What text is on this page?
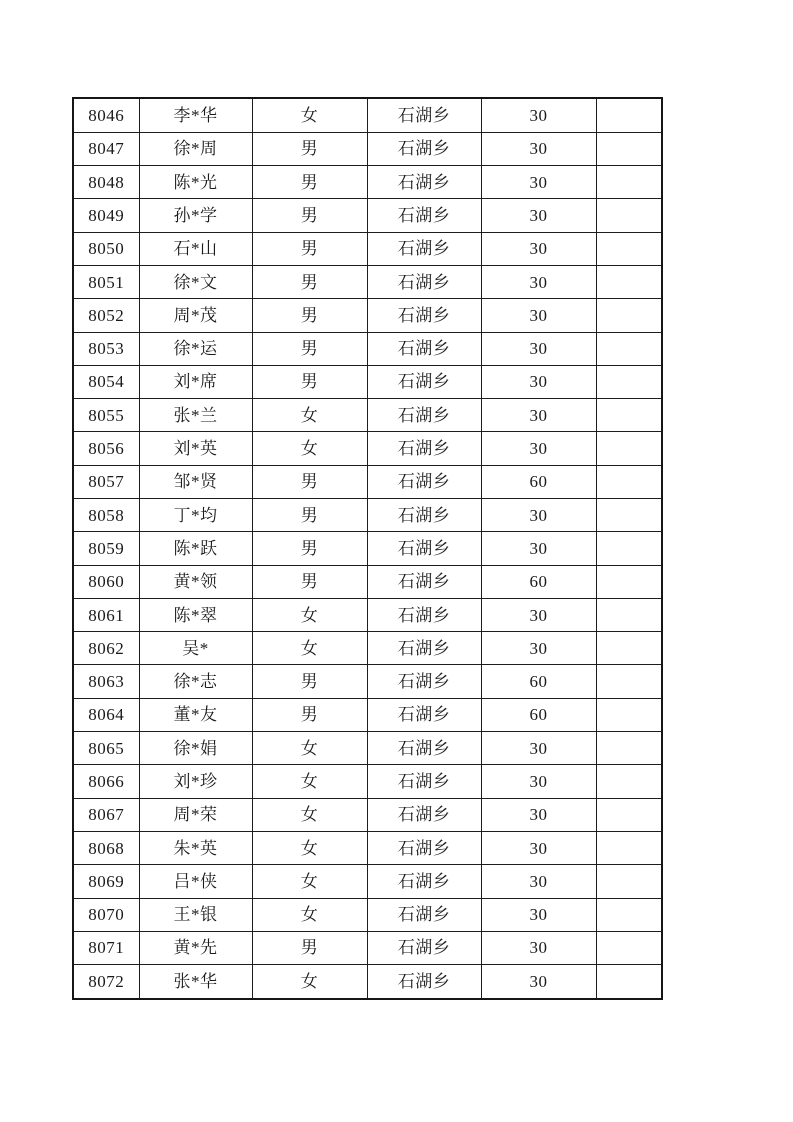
8046	李*华	女	石湖乡	30	
8047	徐*周	男	石湖乡	30	
8048	陈*光	男	石湖乡	30	
8049	孙*学	男	石湖乡	30	
8050	石*山	男	石湖乡	30	
8051	徐*文	男	石湖乡	30	
8052	周*茂	男	石湖乡	30	
8053	徐*运	男	石湖乡	30	
8054	刘*席	男	石湖乡	30	
8055	张*兰	女	石湖乡	30	
8056	刘*英	女	石湖乡	30	
8057	邹*贤	男	石湖乡	60	
8058	丁*均	男	石湖乡	30	
8059	陈*跃	男	石湖乡	30	
8060	黄*领	男	石湖乡	60	
8061	陈*翠	女	石湖乡	30	
8062	吴*	女	石湖乡	30	
8063	徐*志	男	石湖乡	60	
8064	董*友	男	石湖乡	60	
8065	徐*娟	女	石湖乡	30	
8066	刘*珍	女	石湖乡	30	
8067	周*荣	女	石湖乡	30	
8068	朱*英	女	石湖乡	30	
8069	吕*侠	女	石湖乡	30	
8070	王*银	女	石湖乡	30	
8071	黄*先	男	石湖乡	30	
8072	张*华	女	石湖乡	30	
